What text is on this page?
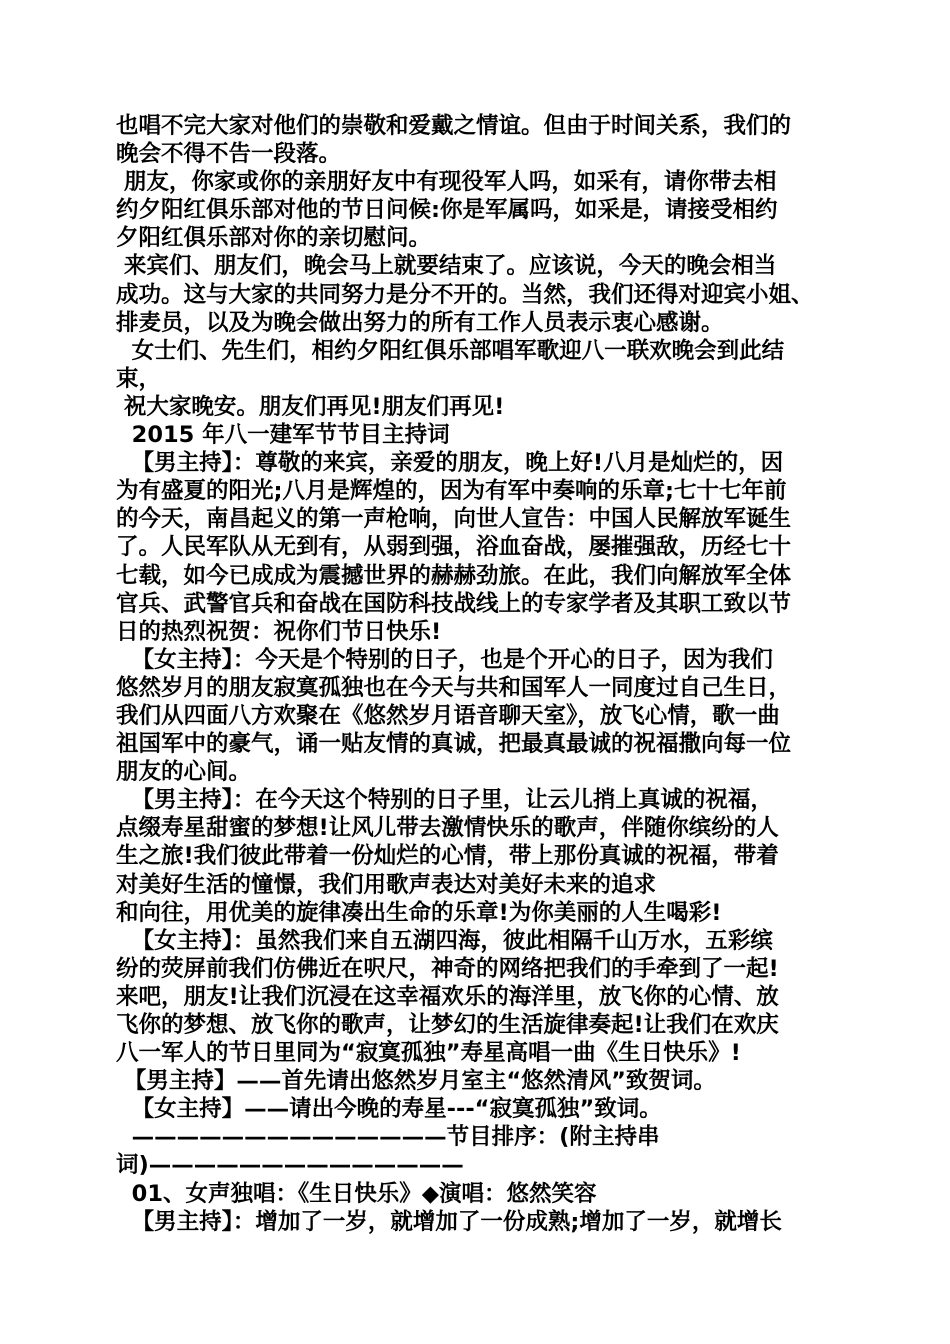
也唱不完大家对他们的崇敬和爱戴之情谊。但由于时间关系，我们的
晚会不得不告一段落。
朋友，你家或你的亲朋好友中有现役军人吗，如采有，请你带去相
约夕阳红俱乐部对他的节日问候:你是军属吗，如采是，请接受相约
夕阳红俱乐部对你的亲切慰问。
来宾们、朋友们，晚会马上就要结束了。应该说，今天的晚会相当
成功。这与大家的共同努力是分不开的。当然，我们还得对迎宾小姐、
排麦员，以及为晚会做出努力的所有工作人员表示衷心感谢。
女士们、先生们，相约夕阳红俱乐部唱军歌迎八一联欢晚会到此结
束，
祝大家晚安。朋友们再见!朋友们再见!
2015 年八一建军节节目主持词
【男主持】：尊敬的来宾，亲爱的朋友，晚上好!八月是灿烂的，因
为有盛夏的阳光;八月是辉煌的，因为有军中奏响的乐章;七十七年前
的今天，南昌起义的第一声枪响，向世人宣告：中国人民解放军诞生
了。人民军队从无到有，从弱到强，浴血奋战，屡摧强敌，历经七十
七载，如今已成成为震撼世界的赫赫劲旅。在此，我们向解放军全体
官兵、武警官兵和奋战在国防科技战线上的专家学者及其职工致以节
日的热烈祝贺：祝你们节日快乐!
【女主持】：今天是个特别的日子，也是个开心的日子，因为我们
悠然岁月的朋友寂寞孤独也在今天与共和国军人一同度过自己生日，
我们从四面八方欢聚在《悠然岁月语音聊天室》，放飞心情，歌一曲
祖国军中的豪气，诵一贴友情的真诚，把最真最诚的祝福撒向每一位
朋友的心间。
【男主持】：在今天这个特别的日子里，让云儿捎上真诚的祝福，
点缀寿星甜蜜的梦想!让风儿带去激情快乐的歌声，伴随你缤纷的人
生之旅!我们彼此带着一份灿烂的心情，带上那份真诚的祝福，带着
对美好生活的憧憬，我们用歌声表达对美好未来的追求
和向往，用优美的旋律凑出生命的乐章!为你美丽的人生喝彩!
【女主持】：虽然我们来自五湖四海，彼此相隔千山万水，五彩缤
纷的荧屏前我们仿佛近在呎尺，神奇的网络把我们的手牵到了一起!
来吧，朋友!让我们沉浸在这幸福欢乐的海洋里，放飞你的心情、放
飞你的梦想、放飞你的歌声，让梦幻的生活旋律奏起!让我们在欢庆
八一军人的节日里同为“寂寞孤独”寿星高唱一曲《生日快乐》!
【男主持】——首先请出悠然岁月室主“悠然清风”致贺词。
【女主持】——请出今晚的寿星---“寂寞孤独”致词。
——————————————节目排序：(附主持串
词)——————————————
01、女声独唱：《生日快乐》◆演唱：悠然笑容
【男主持】：增加了一岁，就增加了一份成熟;增加了一岁，就增长
